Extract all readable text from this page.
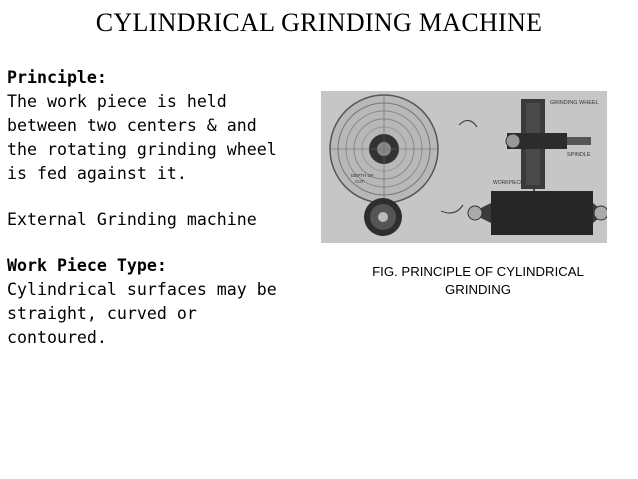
CYLINDRICAL GRINDING MACHINE
Principle:
The work piece is held
between two centers & and
the rotating grinding wheel
is fed against it.
External Grinding machine
Work Piece Type:
Cylindrical surfaces may be
straight, curved or
contoured.
GRINDING WHEEL
SPINDLE
WORKPIECE
DEPTH OF
CUT
FIG. PRINCIPLE OF CYLINDRICAL
GRINDING
